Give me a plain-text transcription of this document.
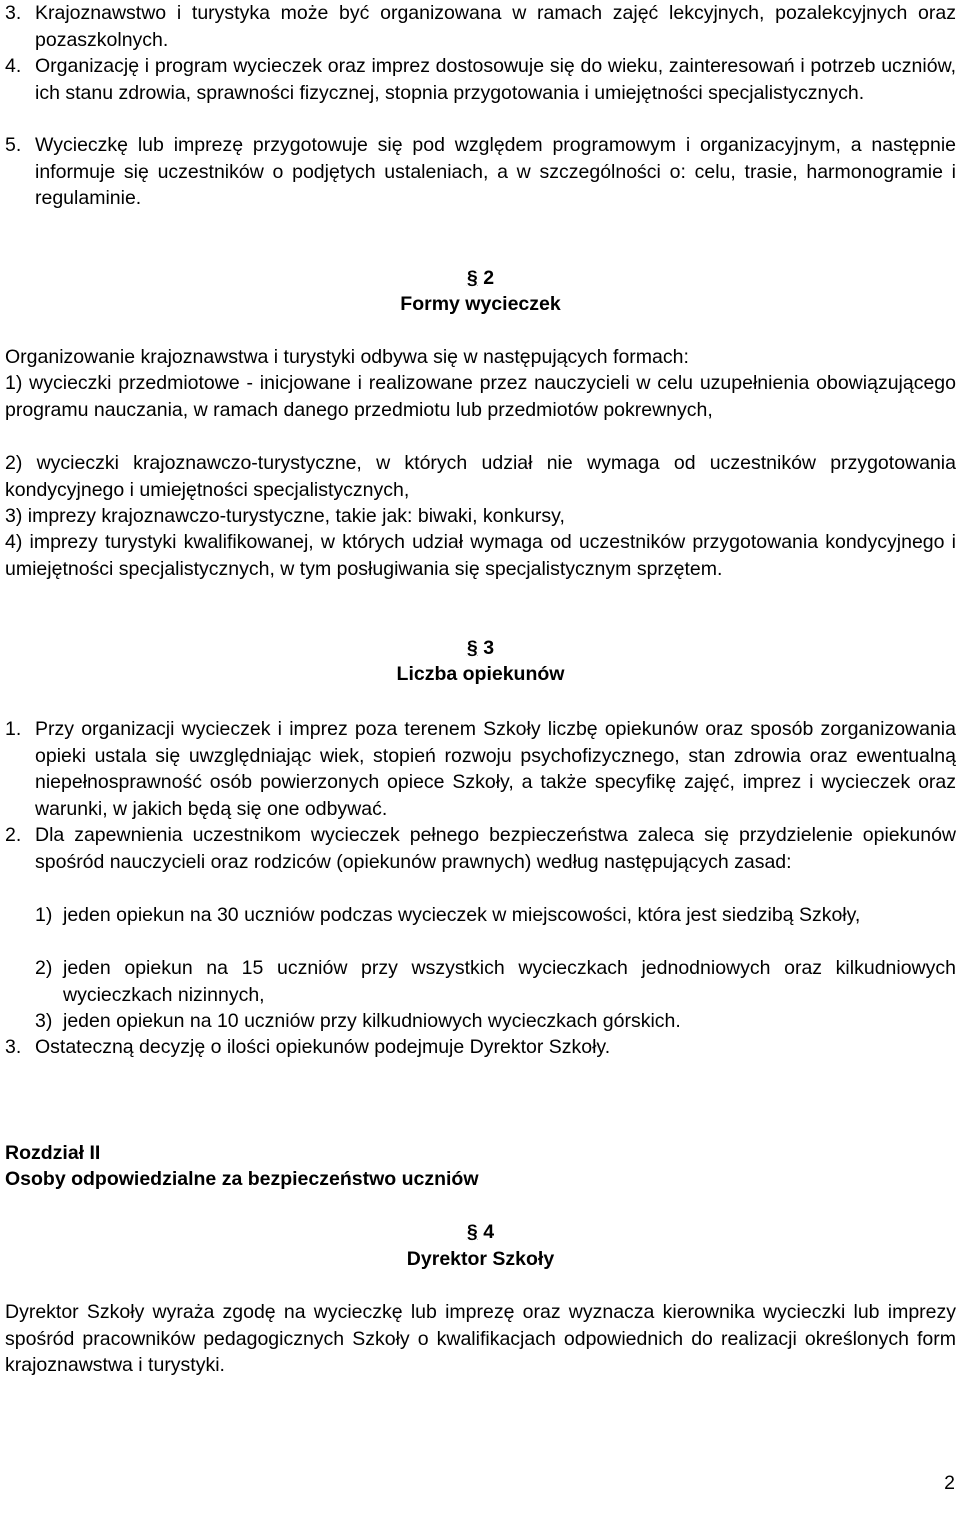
3. Krajoznawstwo i turystyka może być organizowana w ramach zajęć lekcyjnych, pozalekcyjnych oraz pozaszkolnych.
4. Organizację i program wycieczek oraz imprez dostosowuje się do wieku, zainteresowań i potrzeb uczniów, ich stanu zdrowia, sprawności fizycznej, stopnia przygotowania i umiejętności specjalistycznych.
5. Wycieczkę lub imprezę przygotowuje się pod względem programowym i organizacyjnym, a następnie informuje się uczestników o podjętych ustaleniach, a w szczególności o: celu, trasie, harmonogramie i regulaminie.
§ 2
Formy wycieczek
Organizowanie krajoznawstwa i turystyki odbywa się w następujących formach:
1) wycieczki przedmiotowe - inicjowane i realizowane przez nauczycieli w celu uzupełnienia obowiązującego programu nauczania, w ramach danego przedmiotu lub przedmiotów pokrewnych,
2) wycieczki krajoznawczo-turystyczne, w których udział nie wymaga od uczestników przygotowania kondycyjnego i umiejętności specjalistycznych,
3) imprezy krajoznawczo-turystyczne, takie jak: biwaki, konkursy,
4) imprezy turystyki kwalifikowanej, w których udział wymaga od uczestników przygotowania kondycyjnego i umiejętności specjalistycznych, w tym posługiwania się specjalistycznym sprzętem.
§ 3
Liczba opiekunów
1. Przy organizacji wycieczek i imprez poza terenem Szkoły liczbę opiekunów oraz sposób zorganizowania opieki ustala się uwzględniając wiek, stopień rozwoju psychofizycznego, stan zdrowia oraz ewentualną niepełnosprawność osób powierzonych opiece Szkoły, a także specyfikę zajęć, imprez i wycieczek oraz warunki, w jakich będą się one odbywać.
2. Dla zapewnienia uczestnikom wycieczek pełnego bezpieczeństwa zaleca się przydzielenie opiekunów spośród nauczycieli oraz rodziców (opiekunów prawnych) według następujących zasad:
1) jeden opiekun na 30 uczniów podczas wycieczek w miejscowości, która jest siedzibą Szkoły,
2) jeden opiekun na 15 uczniów przy wszystkich wycieczkach jednodniowych oraz kilkudniowych wycieczkach nizinnych,
3) jeden opiekun na 10 uczniów przy kilkudniowych wycieczkach górskich.
3. Ostateczną decyzję o ilości opiekunów podejmuje Dyrektor Szkoły.
Rozdział II
Osoby odpowiedzialne za bezpieczeństwo uczniów
§ 4
Dyrektor Szkoły
Dyrektor Szkoły wyraża zgodę na wycieczkę lub imprezę oraz wyznacza kierownika wycieczki lub imprezy spośród pracowników pedagogicznych Szkoły o kwalifikacjach odpowiednich do realizacji określonych form krajoznawstwa i turystyki.
2
